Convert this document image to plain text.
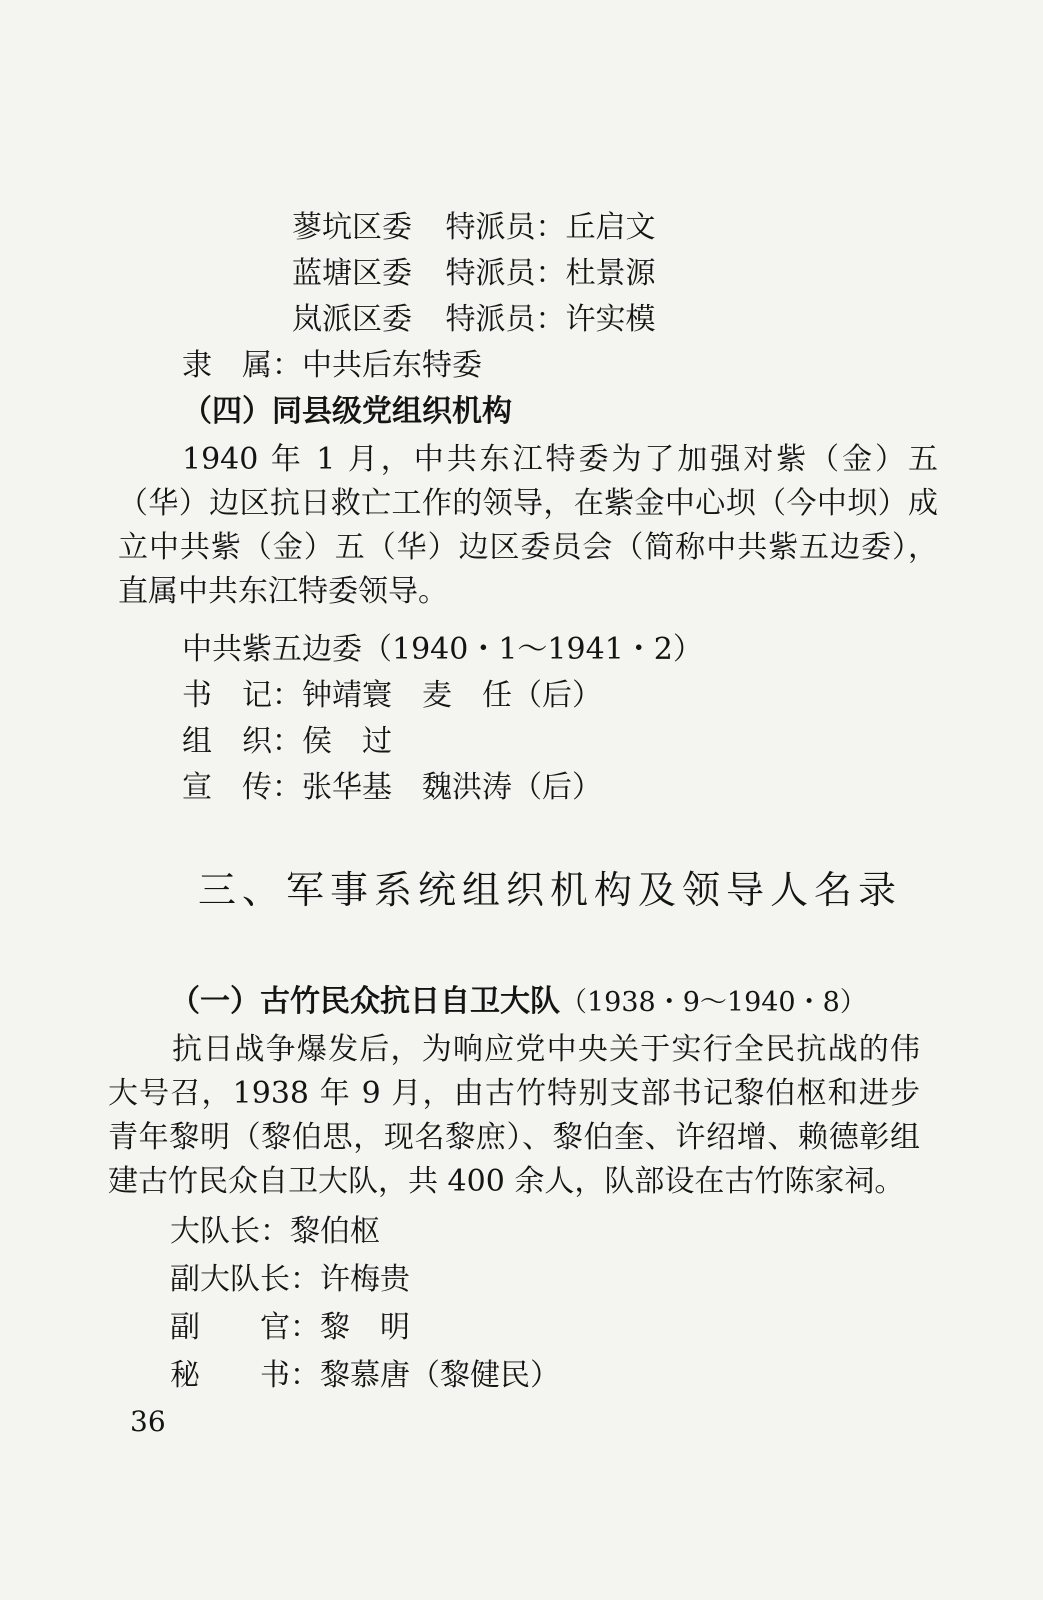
蓼坑区委 特派员：丘启文
蓝塘区委 特派员：杜景源
岚派区委 特派员：许实模
隶　属：中共后东特委
（四）同县级党组织机构
1940 年 1 月，中共东江特委为了加强对紫（金）五（华）边区抗日救亡工作的领导，在紫金中心坝（今中坝）成立中共紫（金）五（华）边区委员会（简称中共紫五边委），直属中共东江特委领导。
中共紫五边委（1940・1～1941・2）
书　记：钟靖寰　麦　任（后）
组　织：侯　过
宣　传：张华基　魏洪涛（后）
三、军事系统组织机构及领导人名录
（一）古竹民众抗日自卫大队（1938・9～1940・8）
抗日战争爆发后，为响应党中央关于实行全民抗战的伟大号召，1938 年 9 月，由古竹特别支部书记黎伯枢和进步青年黎明（黎伯思，现名黎庶）、黎伯奎、许绍增、赖德彰组建古竹民众自卫大队，共 400 余人，队部设在古竹陈家祠。
大队长：黎伯枢
副大队长：许梅贵
副　　官：黎　明
秘　　书：黎慕唐（黎健民）
36
